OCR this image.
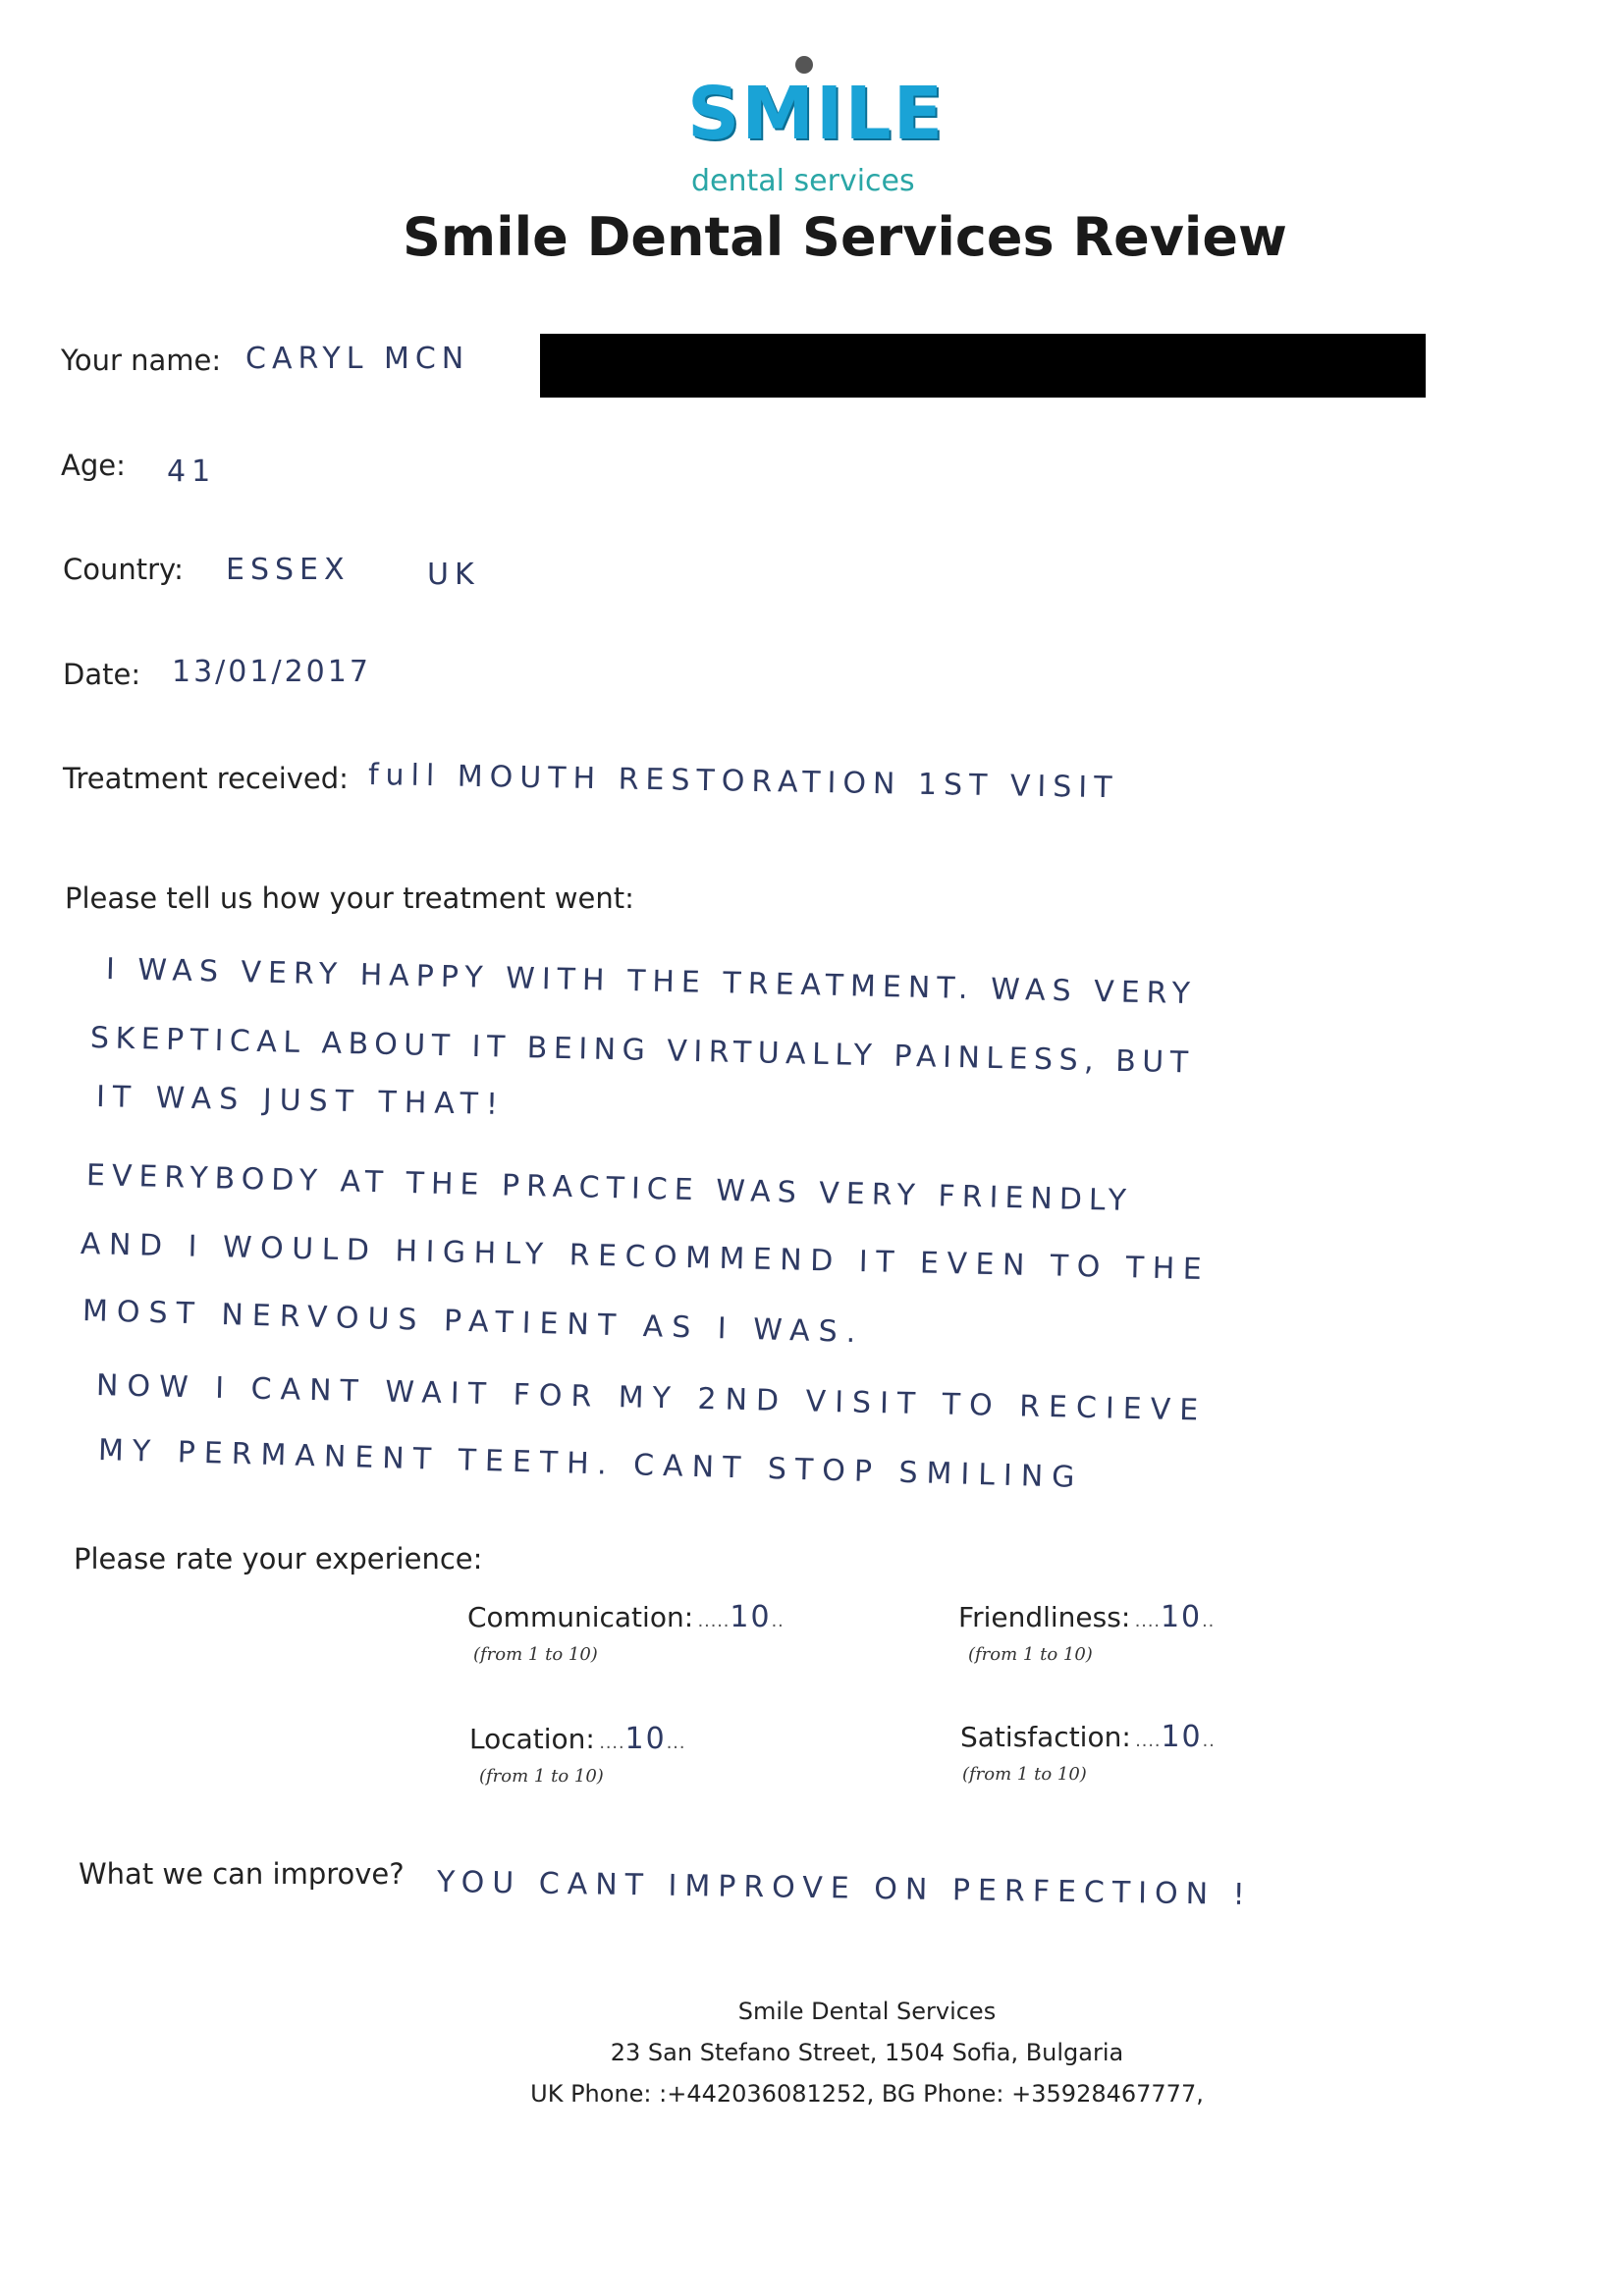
SMILE
dental services
Smile Dental Services Review
Your name: CARYL MCN
Age: 41
Country: ESSEX	UK
Date: 13/01/2017
Treatment received: full MOUTH RESTORATION 1ST VISIT
Please tell us how your treatment went:
I WAS VERY HAPPY WITH THE TREATMENT. WAS VERY
SKEPTICAL ABOUT IT BEING VIRTUALLY PAINLESS, BUT
IT WAS JUST THAT!
EVERYBODY AT THE PRACTICE WAS VERY FRIENDLY
AND I WOULD HIGHLY RECOMMEND IT EVEN TO THE
MOST NERVOUS PATIENT AS I WAS.
NOW I CANT WAIT FOR MY 2ND VISIT TO RECIEVE
MY PERMANENT TEETH. CANT STOP SMILING
Please rate your experience:
Communication: .....10..
(from 1 to 10)
Friendliness: ....10..
(from 1 to 10)
Location: ....10...
(from 1 to 10)
Satisfaction: ....10..
(from 1 to 10)
What we can improve? YOU CANT IMPROVE ON PERFECTION !
Smile Dental Services
23 San Stefano Street, 1504 Sofia, Bulgaria
UK Phone: :+442036081252, BG Phone: +35928467777,
